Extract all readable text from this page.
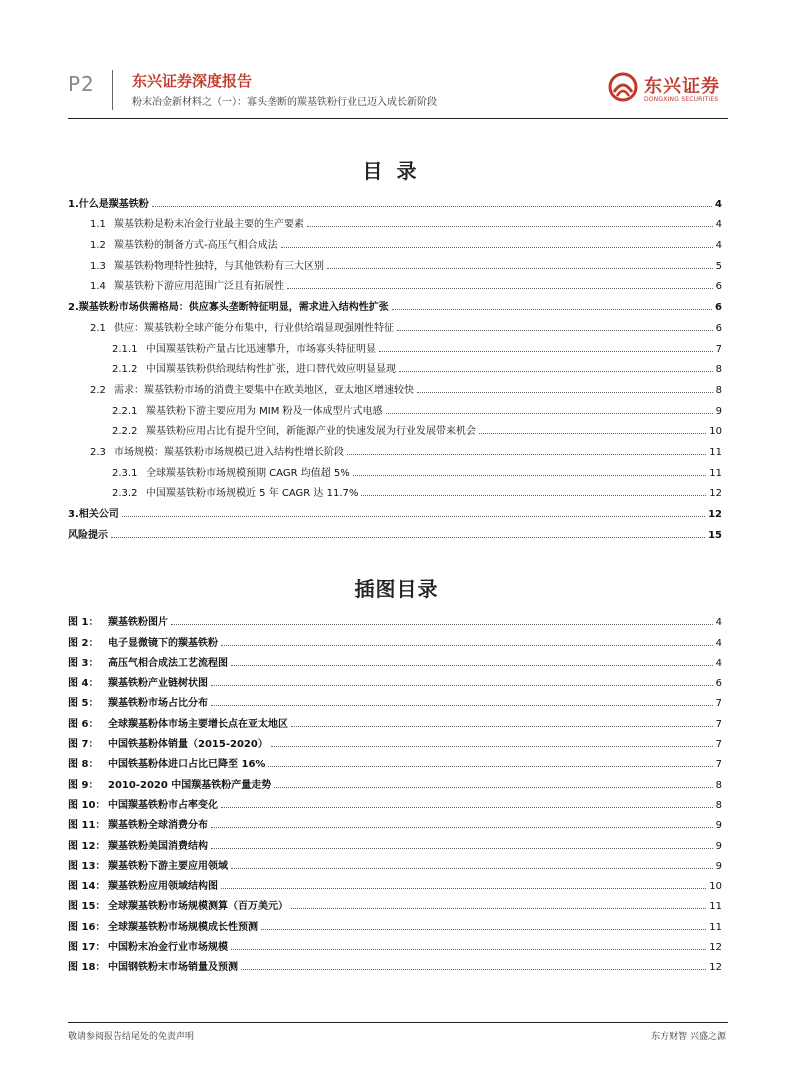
P2 东兴证券深度报告
粉末冶金新材料之（一）：寡头垄断的羰基铁粉行业已迈入成长新阶段
东兴证券
DONGXING SECURITIES
目录
1.什么是羰基铁粉	4
1.1 羰基铁粉是粉末冶金行业最主要的生产要素	4
1.2 羰基铁粉的制备方式-高压气相合成法	4
1.3 羰基铁粉物理特性独特，与其他铁粉有三大区别	5
1.4 羰基铁粉下游应用范围广泛且有拓展性	6
2.羰基铁粉市场供需格局：供应寡头垄断特征明显，需求进入结构性扩张	6
2.1 供应：羰基铁粉全球产能分布集中，行业供给端显现强刚性特征	6
2.1.1 中国羰基铁粉产量占比迅速攀升，市场寡头特征明显	7
2.1.2 中国羰基铁粉供给现结构性扩张，进口替代效应明显显现	8
2.2 需求：羰基铁粉市场的消费主要集中在欧美地区，亚太地区增速较快	8
2.2.1 羰基铁粉下游主要应用为 MIM 粉及一体成型片式电感	9
2.2.2 羰基铁粉应用占比有提升空间，新能源产业的快速发展为行业发展带来机会	10
2.3 市场规模：羰基铁粉市场规模已进入结构性增长阶段	11
2.3.1 全球羰基铁粉市场规模预期 CAGR 均值超 5%	11
2.3.2 中国羰基铁粉市场规模近 5 年 CAGR 达 11.7%	12
3.相关公司	12
风险提示	15
插图目录
图 1： 羰基铁粉图片	4
图 2： 电子显微镜下的羰基铁粉	4
图 3： 高压气相合成法工艺流程图	4
图 4： 羰基铁粉产业链树状图	6
图 5： 羰基铁粉市场占比分布	7
图 6： 全球羰基粉体市场主要增长点在亚太地区	7
图 7： 中国铁基粉体销量（2015-2020）	7
图 8： 中国铁基粉体进口占比已降至 16%	7
图 9： 2010-2020 中国羰基铁粉产量走势	8
图 10： 中国羰基铁粉市占率变化	8
图 11： 羰基铁粉全球消费分布	9
图 12： 羰基铁粉美国消费结构	9
图 13： 羰基铁粉下游主要应用领域	9
图 14： 羰基铁粉应用领域结构图	10
图 15： 全球羰基铁粉市场规模测算（百万美元）	11
图 16： 全球羰基铁粉市场规模成长性预测	11
图 17： 中国粉末冶金行业市场规模	12
图 18： 中国钢铁粉末市场销量及预测	12
敬请参阅报告结尾处的免责声明	东方财智 兴盛之源
